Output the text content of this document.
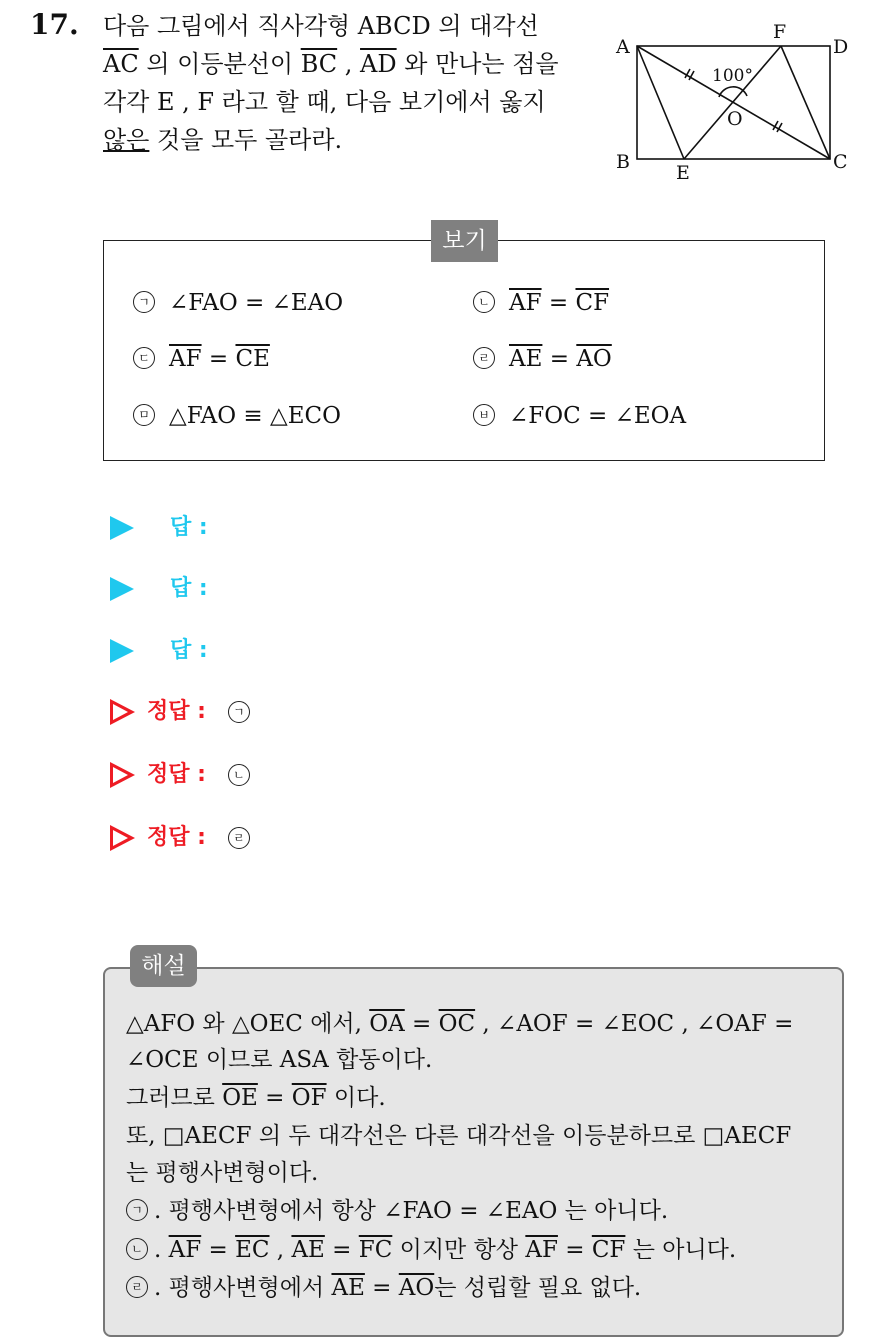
17. 다음 그림에서 직사각형 ABCD 의 대각선
$\overline{AC}$ 의 이등분선이 $\overline{BC}$ , $\overline{AD}$ 와 만나는 점을
각각 E , F 라고 할 때, 다음 보기에서 옳지
않은 것을 모두 골라라.
A
B	C
D
E
F
O
100°
보기
ㄱ ∠FAO = ∠EAO	ㄴ $\overline{AF} = \overline{CF}$
ㄷ $\overline{AF} = \overline{CE}$	ㄹ $\overline{AE} = \overline{AO}$
ㅁ △FAO ≡ △ECO	ㅂ ∠FOC = ∠EOA
답 :
답 :
답 :
정답 : ㄱ
정답 : ㄴ
정답 : ㄹ
해설
△AFO 와 △OEC 에서, $\overline{OA} = \overline{OC}$ , ∠AOF = ∠EOC , ∠OAF =
∠OCE 이므로 ASA 합동이다.
그러므로 $\overline{OE} = \overline{OF}$ 이다.
또, □AECF 의 두 대각선은 다른 대각선을 이등분하므로 □AECF
는 평행사변형이다.
ㄱ . 평행사변형에서 항상 ∠FAO = ∠EAO 는 아니다.
ㄴ . $\overline{AF} = \overline{EC}$ , $\overline{AE} = \overline{FC}$ 이지만 항상 $\overline{AF} = \overline{CF}$ 는 아니다.
ㄹ . 평행사변형에서 $\overline{AE} = \overline{AO}$는 성립할 필요 없다.
